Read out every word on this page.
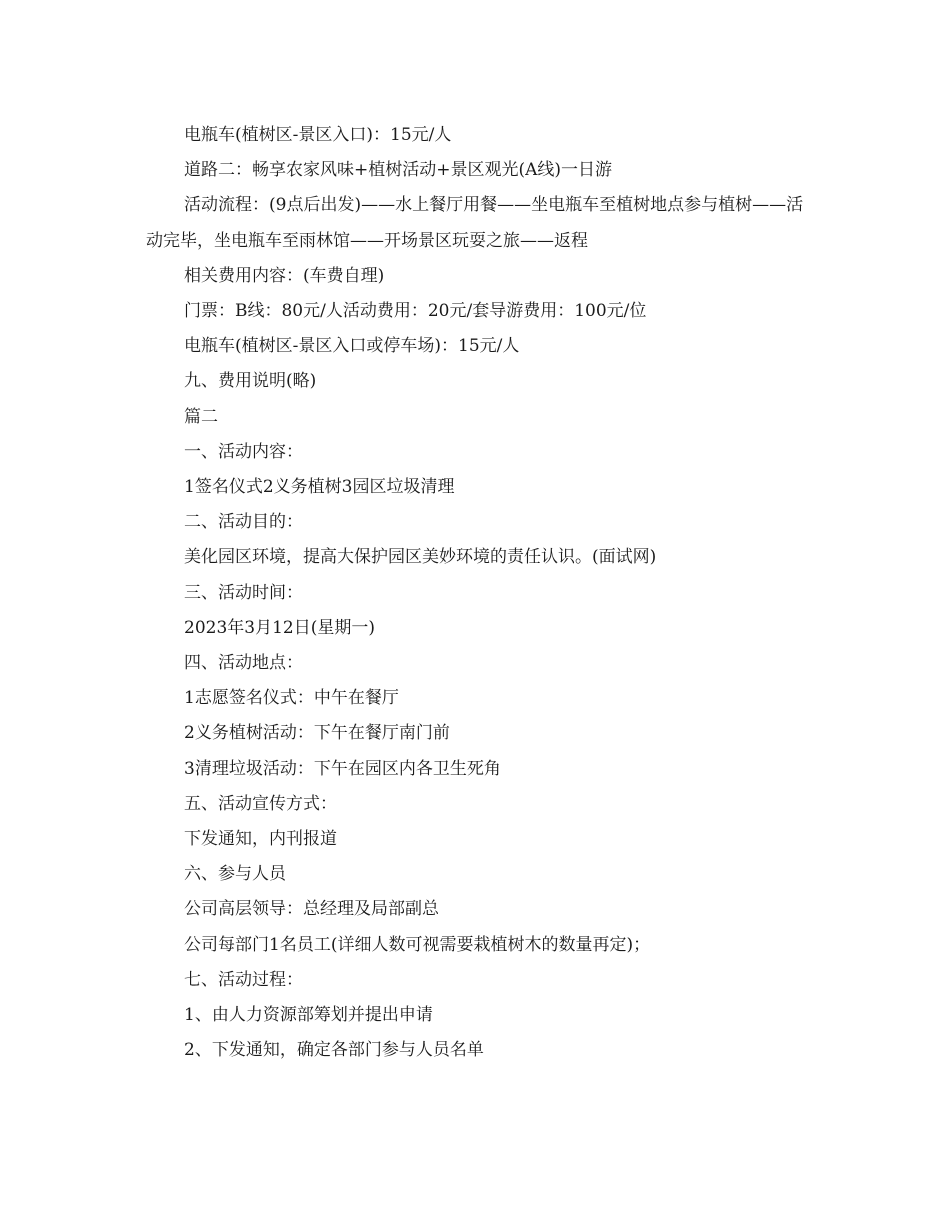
电瓶车(植树区-景区入口)：15元/人

道路二：畅享农家风味+植树活动+景区观光(A线)一日游

活动流程：(9点后出发)——水上餐厅用餐——坐电瓶车至植树地点参与植树——活动完毕，坐电瓶车至雨林馆——开场景区玩耍之旅——返程

相关费用内容：(车费自理)

门票：B线：80元/人活动费用：20元/套导游费用：100元/位

电瓶车(植树区-景区入口或停车场)：15元/人

九、费用说明(略)

篇二

一、活动内容：

1签名仪式2义务植树3园区垃圾清理

二、活动目的：

美化园区环境，提高大保护园区美妙环境的责任认识。(面试网)

三、活动时间：

2023年3月12日(星期一)

四、活动地点：

1志愿签名仪式：中午在餐厅

2义务植树活动：下午在餐厅南门前

3清理垃圾活动：下午在园区内各卫生死角

五、活动宣传方式：

下发通知，内刊报道

六、参与人员

公司高层领导：总经理及局部副总

公司每部门1名员工(详细人数可视需要栽植树木的数量再定)；

七、活动过程：

1、由人力资源部筹划并提出申请

2、下发通知，确定各部门参与人员名单
